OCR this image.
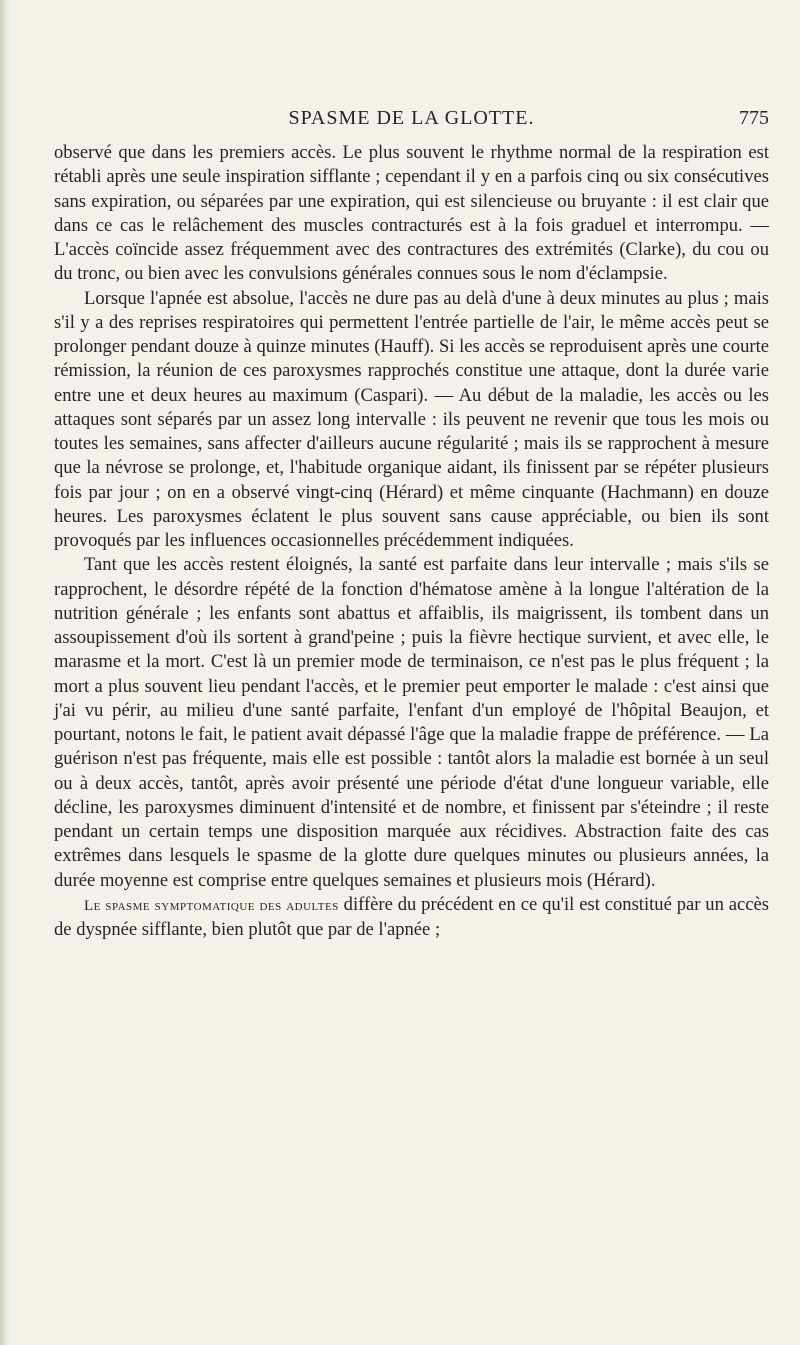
SPASME DE LA GLOTTE.	775

observé que dans les premiers accès. Le plus souvent le rhythme normal de la respiration est rétabli après une seule inspiration sifflante ; cependant il y en a parfois cinq ou six consécutives sans expiration, ou séparées par une expiration, qui est silencieuse ou bruyante : il est clair que dans ce cas le relâchement des muscles contracturés est à la fois graduel et interrompu. — L'accès coïncide assez fréquemment avec des contractures des extrémités (Clarke), du cou ou du tronc, ou bien avec les convulsions générales connues sous le nom d'éclampsie.

Lorsque l'apnée est absolue, l'accès ne dure pas au delà d'une à deux minutes au plus ; mais s'il y a des reprises respiratoires qui permettent l'entrée partielle de l'air, le même accès peut se prolonger pendant douze à quinze minutes (Hauff). Si les accès se reproduisent après une courte rémission, la réunion de ces paroxysmes rapprochés constitue une attaque, dont la durée varie entre une et deux heures au maximum (Caspari). — Au début de la maladie, les accès ou les attaques sont séparés par un assez long intervalle : ils peuvent ne revenir que tous les mois ou toutes les semaines, sans affecter d'ailleurs aucune régularité ; mais ils se rapprochent à mesure que la névrose se prolonge, et, l'habitude organique aidant, ils finissent par se répéter plusieurs fois par jour ; on en a observé vingt-cinq (Hérard) et même cinquante (Hachmann) en douze heures. Les paroxysmes éclatent le plus souvent sans cause appréciable, ou bien ils sont provoqués par les influences occasionnelles précédemment indiquées.

Tant que les accès restent éloignés, la santé est parfaite dans leur intervalle ; mais s'ils se rapprochent, le désordre répété de la fonction d'hématose amène à la longue l'altération de la nutrition générale ; les enfants sont abattus et affaiblis, ils maigrissent, ils tombent dans un assoupissement d'où ils sortent à grand'peine ; puis la fièvre hectique survient, et avec elle, le marasme et la mort. C'est là un premier mode de terminaison, ce n'est pas le plus fréquent ; la mort a plus souvent lieu pendant l'accès, et le premier peut emporter le malade : c'est ainsi que j'ai vu périr, au milieu d'une santé parfaite, l'enfant d'un employé de l'hôpital Beaujon, et pourtant, notons le fait, le patient avait dépassé l'âge que la maladie frappe de préférence. — La guérison n'est pas fréquente, mais elle est possible : tantôt alors la maladie est bornée à un seul ou à deux accès, tantôt, après avoir présenté une période d'état d'une longueur variable, elle décline, les paroxysmes diminuent d'intensité et de nombre, et finissent par s'éteindre ; il reste pendant un certain temps une disposition marquée aux récidives. Abstraction faite des cas extrêmes dans lesquels le spasme de la glotte dure quelques minutes ou plusieurs années, la durée moyenne est comprise entre quelques semaines et plusieurs mois (Hérard).

Le spasme symptomatique des adultes diffère du précédent en ce qu'il est constitué par un accès de dyspnée sifflante, bien plutôt que par de l'apnée ;
